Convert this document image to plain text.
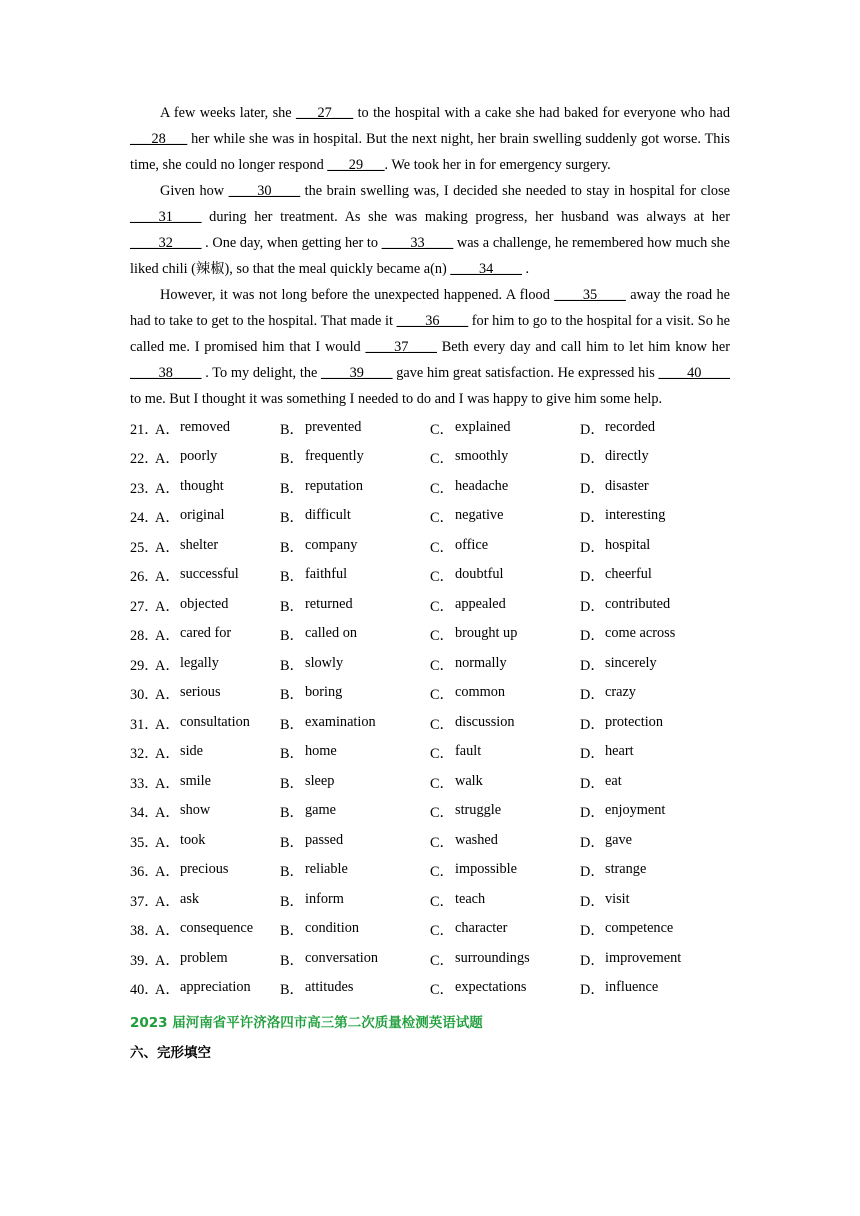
A few weeks later, she ___27___ to the hospital with a cake she had baked for everyone who had ___28___ her while she was in hospital. But the next night, her brain swelling suddenly got worse. This time, she could no longer respond ___29___. We took her in for emergency surgery.

Given how ____30____ the brain swelling was, I decided she needed to stay in hospital for close ____31____ during her treatment. As she was making progress, her husband was always at her ____32____ . One day, when getting her to ____33____ was a challenge, he remembered how much she liked chili (辣椒), so that the meal quickly became a(n) ____34____ .

However, it was not long before the unexpected happened. A flood ____35____ away the road he had to take to get to the hospital. That made it ____36____ for him to go to the hospital for a visit. So he called me. I promised him that I would ____37____ Beth every day and call him to let him know her ____38____ . To my delight, the ____39____ gave him great satisfaction. He expressed his ____40____ to me. But I thought it was something I needed to do and I was happy to give him some help.

21．
A． removed	B． prevented	C． explained	D． recorded
22．
A． poorly	B． frequently	C． smoothly	D． directly
23．
A． thought	B． reputation	C． headache	D． disaster
24．
A． original	B． difficult	C． negative	D． interesting
25．
A． shelter	B． company	C． office	D． hospital
26．
A． successful	B． faithful	C． doubtful	D． cheerful
27．
A． objected	B． returned	C． appealed	D． contributed
28．
A． cared for	B． called on	C． brought up	D． come across
29．
A． legally	B． slowly	C． normally	D． sincerely
30．
A． serious	B． boring	C． common	D． crazy
31．
A． consultation B． examination	C． discussion	D． protection
32．
A． side	B． home	C． fault	D． heart
33．
A． smile	B． sleep	C． walk	D． eat
34．
A． show	B． game	C． struggle	D． enjoyment
35．
A． took	B． passed	C． washed	D． gave
36．
A． precious	B． reliable	C． impossible	D． strange
37．
A． ask	B． inform	C． teach	D． visit
38．
A． consequence B． condition	C． character	D． competence
39．
A． problem	B． conversation	C． surroundings	D． improvement
40．
A． appreciation B． attitudes	C． expectations	D． influence
2023 届河南省平许济洛四市高三第二次质量检测英语试题
六、完形填空
